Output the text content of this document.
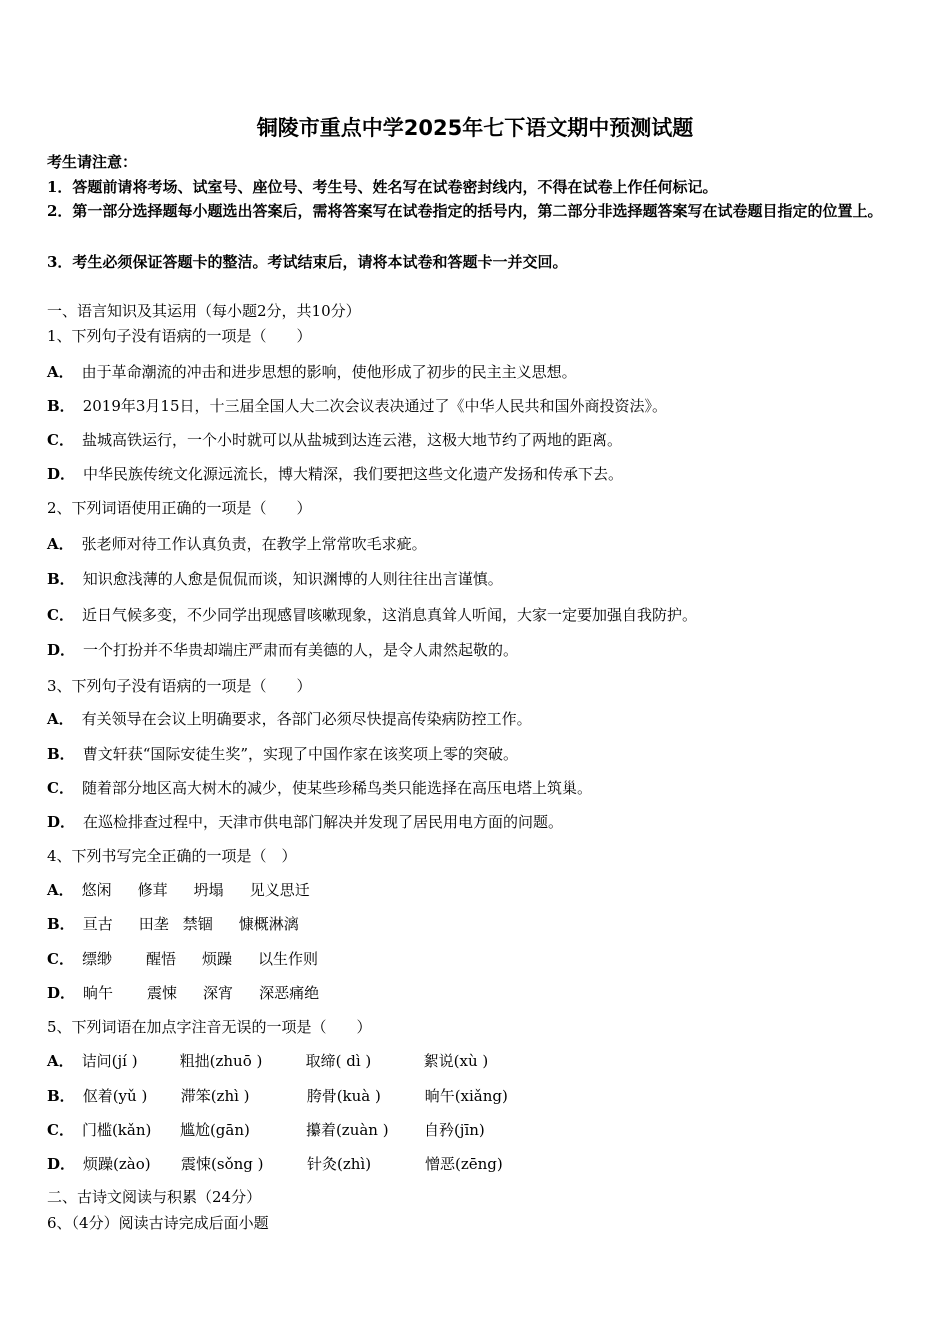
铜陵市重点中学2025年七下语文期中预测试题
考生请注意：
1．答题前请将考场、试室号、座位号、考生号、姓名写在试卷密封线内，不得在试卷上作任何标记。
2．第一部分选择题每小题选出答案后，需将答案写在试卷指定的括号内，第二部分非选择题答案写在试卷题目指定的位置上。
3．考生必须保证答题卡的整洁。考试结束后，请将本试卷和答题卡一并交回。
一、语言知识及其运用（每小题2分，共10分）
1、下列句子没有语病的一项是（　　）
A． 由于革命潮流的冲击和进步思想的影响，使他形成了初步的民主主义思想。
B． 2019年3月15日，十三届全国人大二次会议表决通过了《中华人民共和国外商投资法》。
C． 盐城高铁运行，一个小时就可以从盐城到达连云港，这极大地节约了两地的距离。
D． 中华民族传统文化源远流长，博大精深，我们要把这些文化遗产发扬和传承下去。
2、下列词语使用正确的一项是（　　）
A． 张老师对待工作认真负责，在教学上常常吹毛求疵。
B． 知识愈浅薄的人愈是侃侃而谈，知识渊博的人则往往出言谨慎。
C． 近日气候多变，不少同学出现感冒咳嗽现象，这消息真耸人听闻，大家一定要加强自我防护。
D． 一个打扮并不华贵却端庄严肃而有美德的人，是令人肃然起敬的。
3、下列句子没有语病的一项是（　　）
A． 有关领导在会议上明确要求，各部门必须尽快提高传染病防控工作。
B． 曹文轩获“国际安徒生奖”，实现了中国作家在该奖项上零的突破。
C． 随着部分地区高大树木的减少，使某些珍稀鸟类只能选择在高压电塔上筑巢。
D． 在巡检排查过程中，天津市供电部门解决并发现了居民用电方面的问题。
4、下列书写完全正确的一项是（　）
A． 悠闲 修茸 坍塌 见义思迁
B． 亘古 田垄 禁锢 慷概淋漓
C． 缥缈 醒悟 烦躁 以生作则
D． 晌午 震悚 深宵 深恶痛绝
5、下列词语在加点字注音无误的一项是（　　）
A． 诘问(jí )	粗拙(zhuō )	取缔( dì )	絮说(xù )
B． 伛着(yǔ ) 滞笨(zhì )	胯骨(kuà )	晌午(xiǎng)
C． 门槛(kǎn) 尴尬(gān)	攥着(zuàn ) 自矜(jīn)
D． 烦躁(zào) 震悚(sǒng )	针灸(zhì)	憎恶(zēng)
二、古诗文阅读与积累（24分）
6、（4分）阅读古诗完成后面小题
